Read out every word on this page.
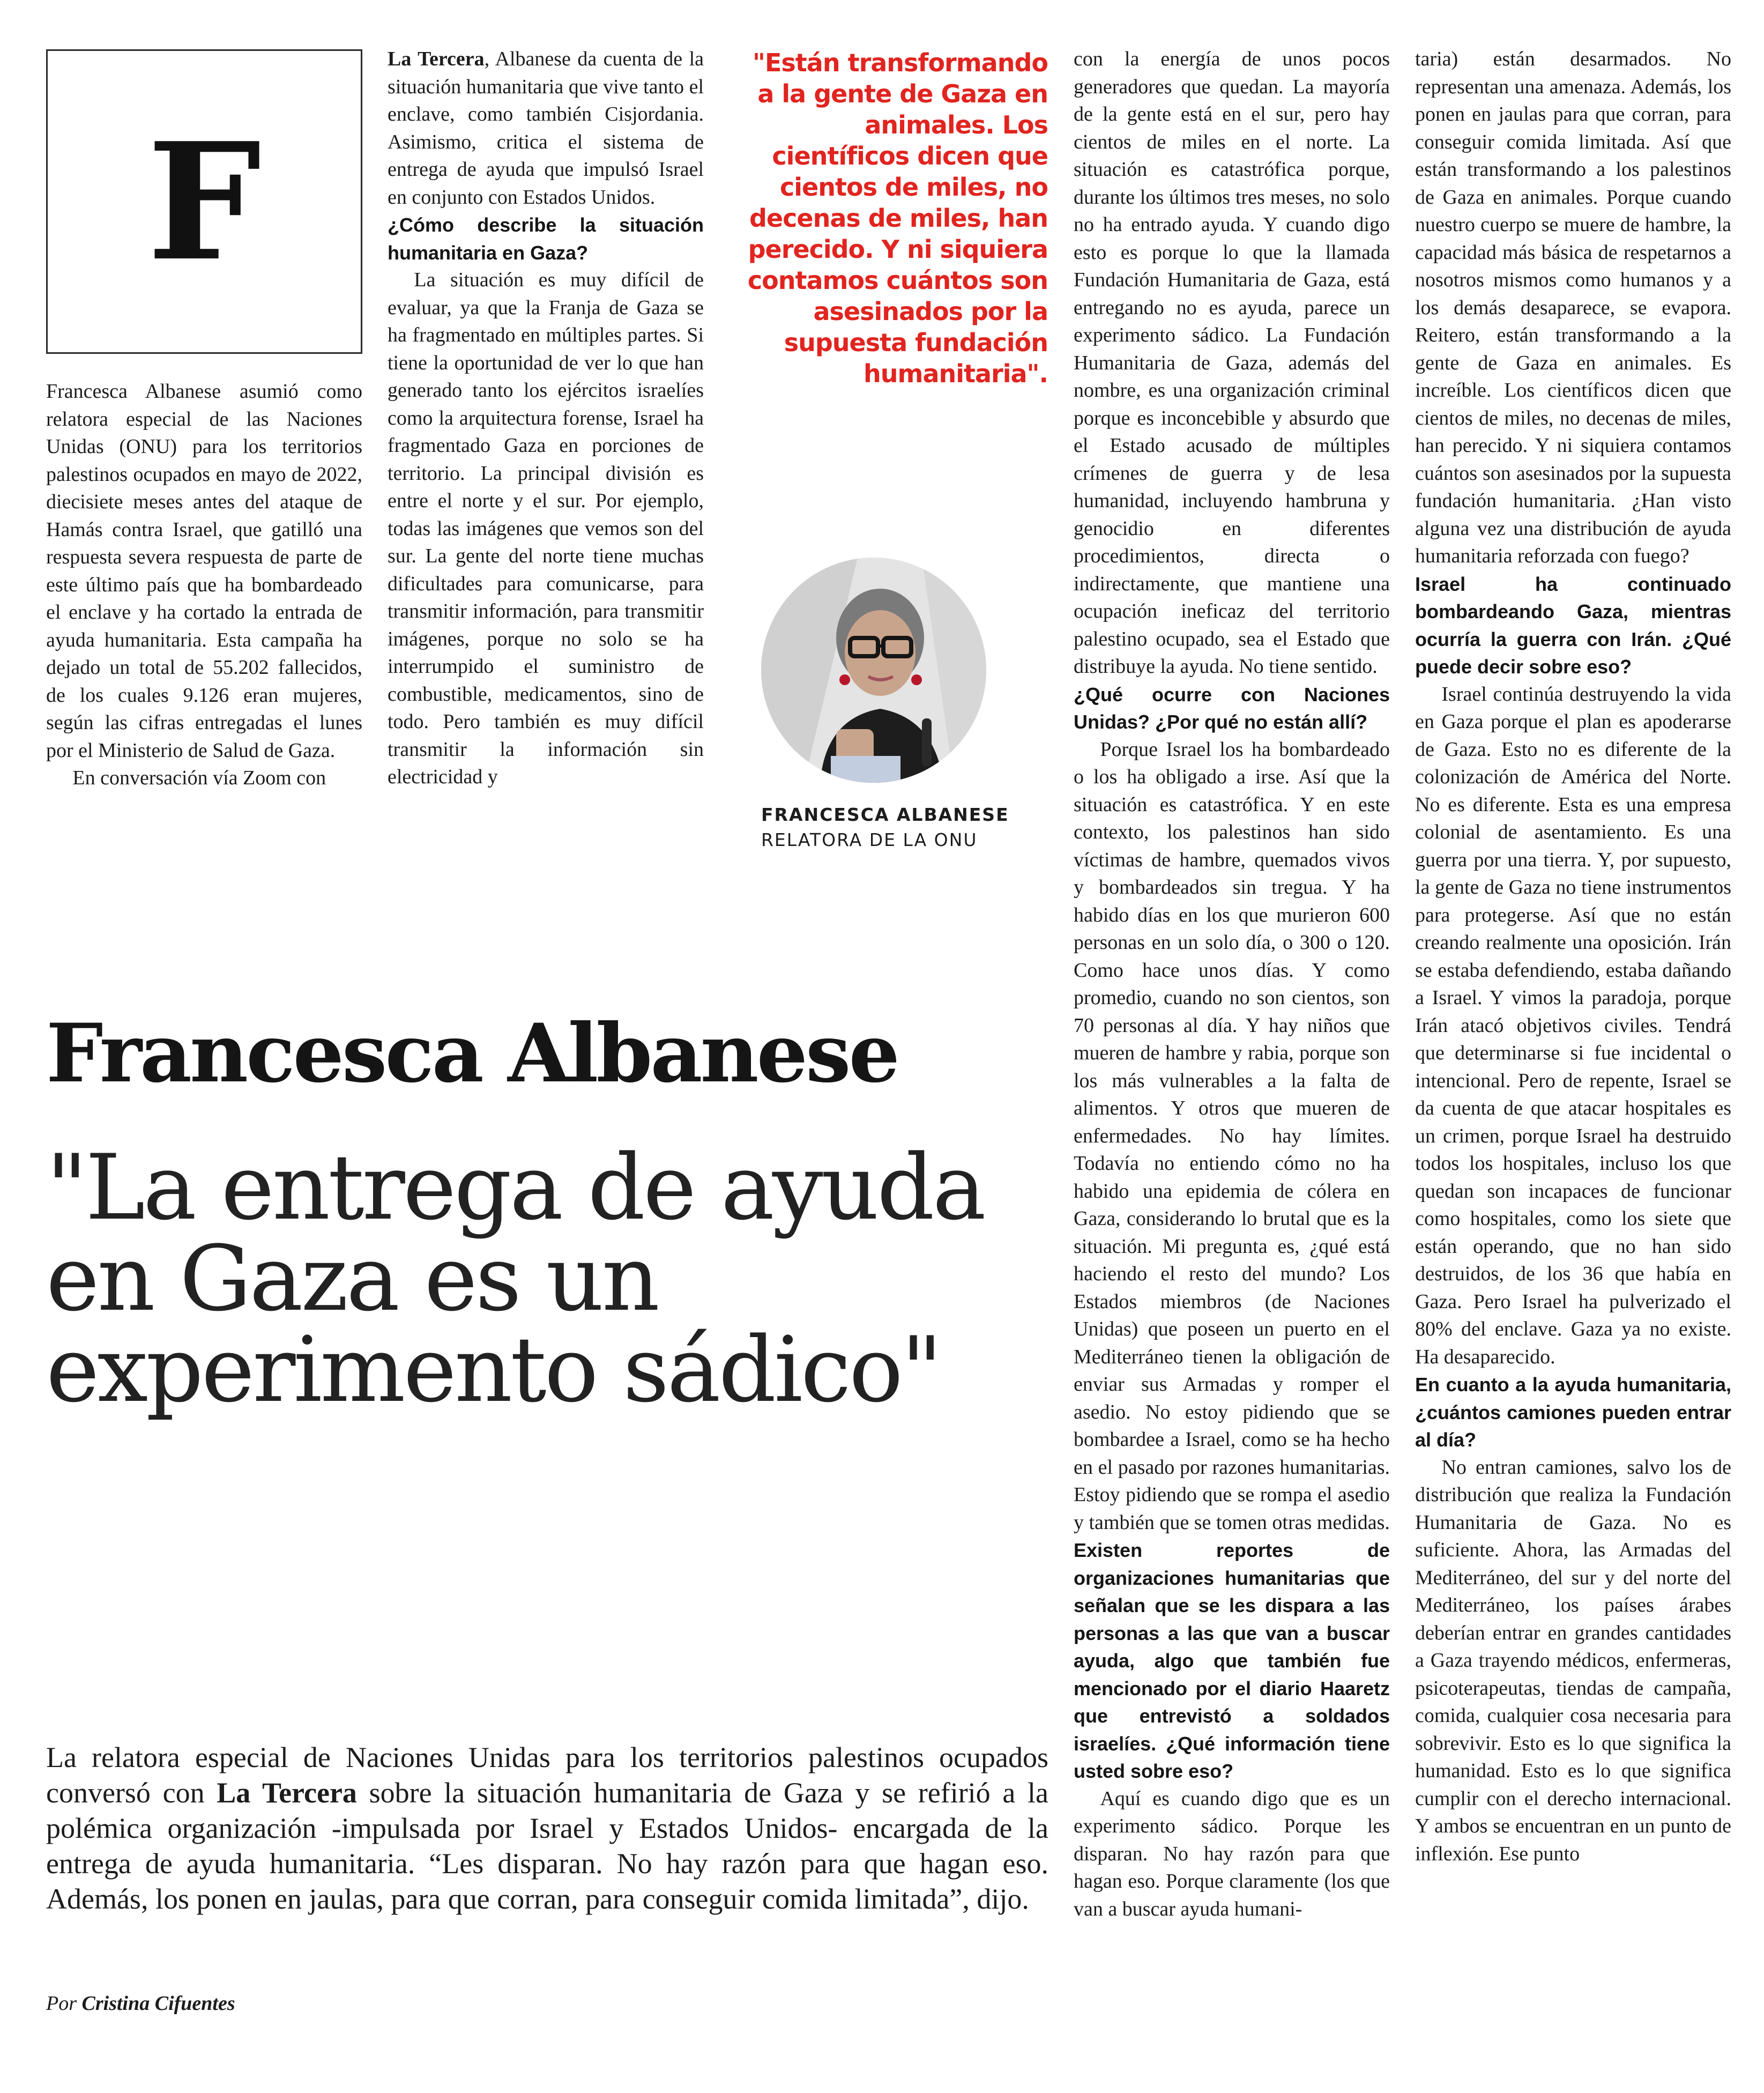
F

Francesca Albanese asumió como relatora especial de las Naciones Unidas (ONU) para los territorios palestinos ocupados en mayo de 2022, diecisiete meses antes del ataque de Hamás contra Israel, que gatilló una respuesta severa respuesta de parte de este último país que ha bombardeado el enclave y ha cortado la entrada de ayuda humanitaria. Esta campaña ha dejado un total de 55.202 fallecidos, de los cuales 9.126 eran mujeres, según las cifras entregadas el lunes por el Ministerio de Salud de Gaza.

En conversación vía Zoom con

La Tercera, Albanese da cuenta de la situación humanitaria que vive tanto el enclave, como también Cisjordania. Asimismo, critica el sistema de entrega de ayuda que impulsó Israel en conjunto con Estados Unidos.

¿Cómo describe la situación humanitaria en Gaza?

La situación es muy difícil de evaluar, ya que la Franja de Gaza se ha fragmentado en múltiples partes. Si tiene la oportunidad de ver lo que han generado tanto los ejércitos israelíes como la arquitectura forense, Israel ha fragmentado Gaza en porciones de territorio. La principal división es entre el norte y el sur. Por ejemplo, todas las imágenes que vemos son del sur. La gente del norte tiene muchas dificultades para comunicarse, para transmitir información, para transmitir imágenes, porque no solo se ha interrumpido el suministro de combustible, medicamentos, sino de todo. Pero también es muy difícil transmitir la información sin electricidad y

"Están transformando a la gente de Gaza en animales. Los científicos dicen que cientos de miles, no decenas de miles, han perecido. Y ni siquiera contamos cuántos son asesinados por la supuesta fundación humanitaria".
FRANCESCA ALBANESE
RELATORA DE LA ONU

con la energía de unos pocos generadores que quedan. La mayoría de la gente está en el sur, pero hay cientos de miles en el norte. La situación es catastrófica porque, durante los últimos tres meses, no solo no ha entrado ayuda. Y cuando digo esto es porque lo que la llamada Fundación Humanitaria de Gaza, está entregando no es ayuda, parece un experimento sádico. La Fundación Humanitaria de Gaza, además del nombre, es una organización criminal porque es inconcebible y absurdo que el Estado acusado de múltiples crímenes de guerra y de lesa humanidad, incluyendo hambruna y genocidio en diferentes procedimientos, directa o indirectamente, que mantiene una ocupación ineficaz del territorio palestino ocupado, sea el Estado que distribuye la ayuda. No tiene sentido.

¿Qué ocurre con Naciones Unidas? ¿Por qué no están allí?

Porque Israel los ha bombardeado o los ha obligado a irse. Así que la situación es catastrófica. Y en este contexto, los palestinos han sido víctimas de hambre, quemados vivos y bombardeados sin tregua. Y ha habido días en los que murieron 600 personas en un solo día, o 300 o 120. Como hace unos días. Y como promedio, cuando no son cientos, son 70 personas al día. Y hay niños que mueren de hambre y rabia, porque son los más vulnerables a la falta de alimentos. Y otros que mueren de enfermedades. No hay límites. Todavía no entiendo cómo no ha habido una epidemia de cólera en Gaza, considerando lo brutal que es la situación. Mi pregunta es, ¿qué está haciendo el resto del mundo? Los Estados miembros (de Naciones Unidas) que poseen un puerto en el Mediterráneo tienen la obligación de enviar sus Armadas y romper el asedio. No estoy pidiendo que se bombardee a Israel, como se ha hecho en el pasado por razones humanitarias. Estoy pidiendo que se rompa el asedio y también que se tomen otras medidas.

Existen reportes de organizaciones humanitarias que señalan que se les dispara a las personas a las que van a buscar ayuda, algo que también fue mencionado por el diario Haaretz que entrevistó a soldados israelíes. ¿Qué información tiene usted sobre eso?

Aquí es cuando digo que es un experimento sádico. Porque les disparan. No hay razón para que hagan eso. Porque claramente (los que van a buscar ayuda humani-

taria) están desarmados. No representan una amenaza. Además, los ponen en jaulas para que corran, para conseguir comida limitada. Así que están transformando a los palestinos de Gaza en animales. Porque cuando nuestro cuerpo se muere de hambre, la capacidad más básica de respetarnos a nosotros mismos como humanos y a los demás desaparece, se evapora. Reitero, están transformando a la gente de Gaza en animales. Es increíble. Los científicos dicen que cientos de miles, no decenas de miles, han perecido. Y ni siquiera contamos cuántos son asesinados por la supuesta fundación humanitaria. ¿Han visto alguna vez una distribución de ayuda humanitaria reforzada con fuego?

Israel ha continuado bombardeando Gaza, mientras ocurría la guerra con Irán. ¿Qué puede decir sobre eso?

Israel continúa destruyendo la vida en Gaza porque el plan es apoderarse de Gaza. Esto no es diferente de la colonización de América del Norte. No es diferente. Esta es una empresa colonial de asentamiento. Es una guerra por una tierra. Y, por supuesto, la gente de Gaza no tiene instrumentos para protegerse. Así que no están creando realmente una oposición. Irán se estaba defendiendo, estaba dañando a Israel. Y vimos la paradoja, porque Irán atacó objetivos civiles. Tendrá que determinarse si fue incidental o intencional. Pero de repente, Israel se da cuenta de que atacar hospitales es un crimen, porque Israel ha destruido todos los hospitales, incluso los que quedan son incapaces de funcionar como hospitales, como los siete que están operando, que no han sido destruidos, de los 36 que había en Gaza. Pero Israel ha pulverizado el 80% del enclave. Gaza ya no existe. Ha desaparecido.

En cuanto a la ayuda humanitaria, ¿cuántos camiones pueden entrar al día?

No entran camiones, salvo los de distribución que realiza la Fundación Humanitaria de Gaza. No es suficiente. Ahora, las Armadas del Mediterráneo, del sur y del norte del Mediterráneo, los países árabes deberían entrar en grandes cantidades a Gaza trayendo médicos, enfermeras, psicoterapeutas, tiendas de campaña, comida, cualquier cosa necesaria para sobrevivir. Esto es lo que significa la humanidad. Esto es lo que significa cumplir con el derecho internacional. Y ambos se encuentran en un punto de inflexión. Ese punto

Francesca Albanese
"La entrega de ayuda en Gaza es un experimento sádico"
La relatora especial de Naciones Unidas para los territorios palestinos ocupados conversó con La Tercera sobre la situación humanitaria de Gaza y se refirió a la polémica organización -impulsada por Israel y Estados Unidos- encargada de la entrega de ayuda humanitaria. “Les disparan. No hay razón para que hagan eso. Además, los ponen en jaulas, para que corran, para conseguir comida limitada”, dijo.
Por Cristina Cifuentes
